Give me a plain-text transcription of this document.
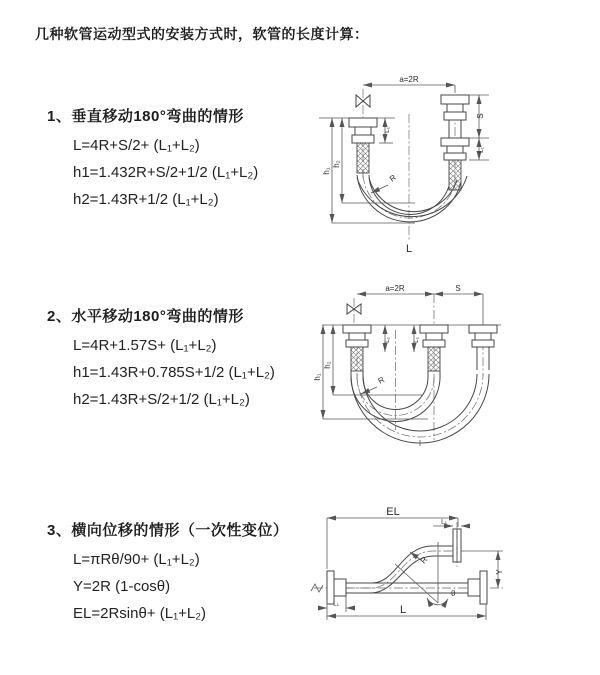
几种软管运动型式的安装方式时，软管的长度计算：
1、垂直移动180°弯曲的情形
L=4R+S/2+ (L₁+L₂)
h1=1.432R+S/2+1/2 (L₁+L₂)
h2=1.43R+1/2 (L₁+L₂)
2、水平移动180°弯曲的情形
L=4R+1.57S+ (L₁+L₂)
h1=1.43R+0.785S+1/2 (L₁+L₂)
h2=1.43R+S/2+1/2 (L₁+L₂)
3、横向位移的情形（一次性变位）
L=πRθ/90+ (L₁+L₂)
Y=2R (1-cosθ)
EL=2Rsinθ+ (L₁+L₂)
a=2R
h₁
h₂
L₁
S
L₁
R
L
a=2R	S
h₁
h₂
L₁	L₁
R
EL
L₁
θ
R
Y
L
L₁
